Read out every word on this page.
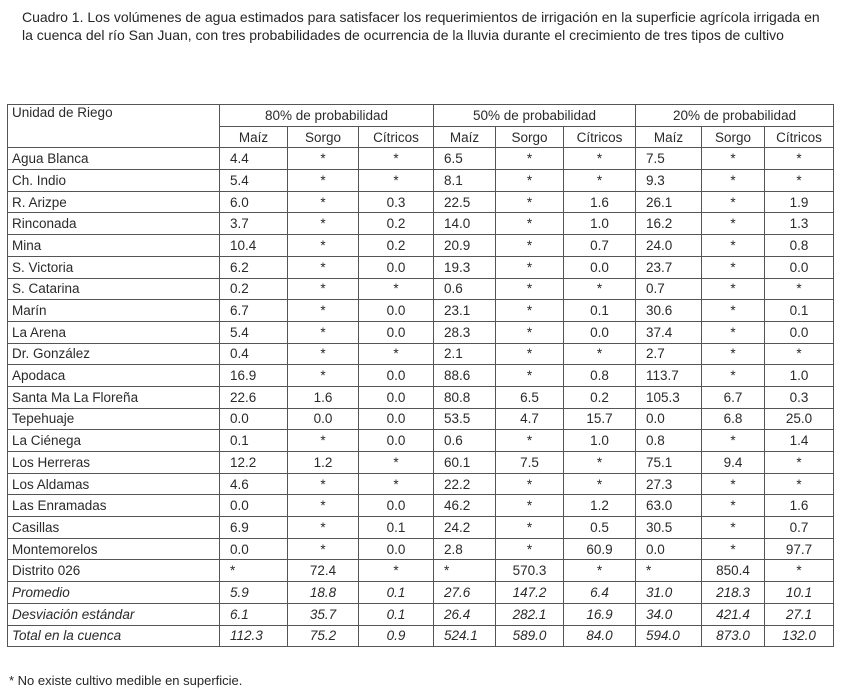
Cuadro 1. Los volúmenes de agua estimados para satisfacer los requerimientos de irrigación en la superficie agrícola irrigada en la cuenca del río San Juan, con tres probabilidades de ocurrencia de la lluvia durante el crecimiento de tres tipos de cultivo
Unidad de Riego	80% de probabilidad			50% de probabilidad			20% de probabilidad		
	Maíz	Sorgo	Cítricos	Maíz	Sorgo	Cítricos	Maíz	Sorgo	Cítricos
Agua Blanca	4.4	*	*	6.5	*	*	7.5	*	*
Ch. Indio	5.4	*	*	8.1	*	*	9.3	*	*
R. Arizpe	6.0	*	0.3	22.5	*	1.6	26.1	*	1.9
Rinconada	3.7	*	0.2	14.0	*	1.0	16.2	*	1.3
Mina	10.4	*	0.2	20.9	*	0.7	24.0	*	0.8
S. Victoria	6.2	*	0.0	19.3	*	0.0	23.7	*	0.0
S. Catarina	0.2	*	*	0.6	*	*	0.7	*	*
Marín	6.7	*	0.0	23.1	*	0.1	30.6	*	0.1
La Arena	5.4	*	0.0	28.3	*	0.0	37.4	*	0.0
Dr. González	0.4	*	*	2.1	*	*	2.7	*	*
Apodaca	16.9	*	0.0	88.6	*	0.8	113.7	*	1.0
Santa Ma La Floreña	22.6	1.6	0.0	80.8	6.5	0.2	105.3	6.7	0.3
Tepehuaje	0.0	0.0	0.0	53.5	4.7	15.7	0.0	6.8	25.0
La Ciénega	0.1	*	0.0	0.6	*	1.0	0.8	*	1.4
Los Herreras	12.2	1.2	*	60.1	7.5	*	75.1	9.4	*
Los Aldamas	4.6	*	*	22.2	*	*	27.3	*	*
Las Enramadas	0.0	*	0.0	46.2	*	1.2	63.0	*	1.6
Casillas	6.9	*	0.1	24.2	*	0.5	30.5	*	0.7
Montemorelos	0.0	*	0.0	2.8	*	60.9	0.0	*	97.7
Distrito 026	*	72.4	*	*	570.3	*	*	850.4	*
Promedio	5.9	18.8	0.1	27.6	147.2	6.4	31.0	218.3	10.1
Desviación estándar	6.1	35.7	0.1	26.4	282.1	16.9	34.0	421.4	27.1
Total en la cuenca	112.3	75.2	0.9	524.1	589.0	84.0	594.0	873.0	132.0
* No existe cultivo medible en superficie.
